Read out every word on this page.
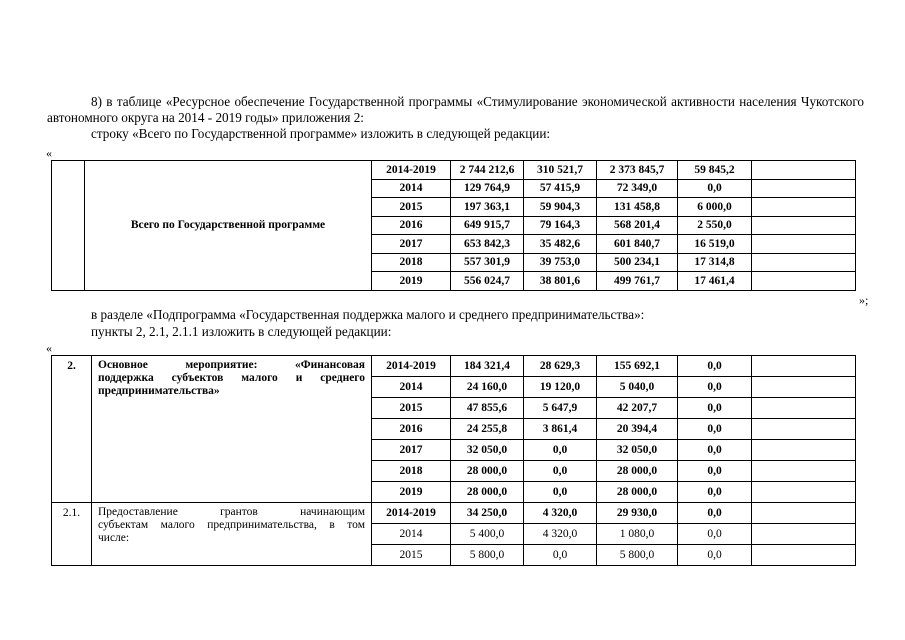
8) в таблице «Ресурсное обеспечение Государственной программы «Стимулирование экономической активности населения Чукотского автономного округа на 2014 - 2019 годы» приложения 2:
строку «Всего по Государственной программе» изложить в следующей редакции:
«
	Всего по Государственной программе	2014-2019	2 744 212,6	310 521,7	2 373 845,7	59 845,2	
		2014	129 764,9	57 415,9	72 349,0	0,0	
		2015	197 363,1	59 904,3	131 458,8	6 000,0	
		2016	649 915,7	79 164,3	568 201,4	2 550,0	
		2017	653 842,3	35 482,6	601 840,7	16 519,0	
		2018	557 301,9	39 753,0	500 234,1	17 314,8	
		2019	556 024,7	38 801,6	499 761,7	17 461,4	
»;
в разделе «Подпрограмма «Государственная поддержка малого и среднего предпринимательства»:
пункты 2, 2.1, 2.1.1 изложить в следующей редакции:
«
2.	Основное мероприятие: «Финансовая
поддержка субъектов малого и среднего
предпринимательства»	2014-2019	184 321,4	28 629,3	155 692,1	0,0	
		2014	24 160,0	19 120,0	5 040,0	0,0	
		2015	47 855,6	5 647,9	42 207,7	0,0	
		2016	24 255,8	3 861,4	20 394,4	0,0	
		2017	32 050,0	0,0	32 050,0	0,0	
		2018	28 000,0	0,0	28 000,0	0,0	
		2019	28 000,0	0,0	28 000,0	0,0	
2.1.	Предоставление грантов начинающим
субъектам малого предпринимательства, в том
числе:	2014-2019	34 250,0	4 320,0	29 930,0	0,0	
		2014	5 400,0	4 320,0	1 080,0	0,0	
		2015	5 800,0	0,0	5 800,0	0,0	
